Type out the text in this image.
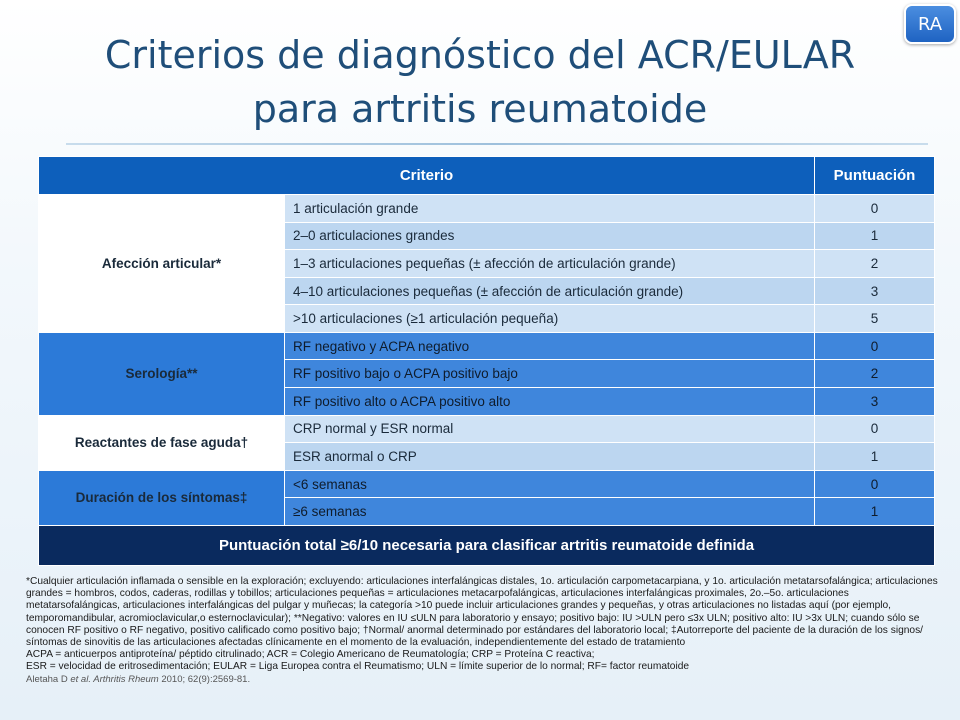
RA
Criterios de diagnóstico del ACR/EULAR
para artritis reumatoide
Criterio		Puntuación
Afección articular*	1 articulación grande	0
	2–0 articulaciones grandes	1
	1–3 articulaciones pequeñas (± afección de articulación grande)	2
	4–10 articulaciones pequeñas (± afección de articulación grande)	3
	>10 articulaciones (≥1 articulación pequeña)	5
Serología**	RF negativo y ACPA negativo	0
	RF positivo bajo o ACPA positivo bajo	2
	RF positivo alto o ACPA positivo alto	3
Reactantes de fase aguda†	CRP normal y ESR normal	0
	ESR anormal o CRP	1
Duración de los síntomas‡	<6 semanas	0
	≥6 semanas	1
Puntuación total ≥6/10 necesaria para clasificar artritis reumatoide definida		

*Cualquier articulación inflamada o sensible en la exploración; excluyendo: articulaciones interfalángicas distales, 1o. articulación carpometacarpiana, y 1o. articulación metatarsofalángica; articulaciones grandes = hombros, codos, caderas, rodillas y tobillos; articulaciones pequeñas = articulaciones metacarpofalángicas, articulaciones interfalángicas proximales, 2o.–5o. articulaciones metatarsofalángicas, articulaciones interfalángicas del pulgar y muñecas; la categoría >10 puede incluir articulaciones grandes y pequeñas, y otras articulaciones no listadas aquí (por ejemplo, temporomandibular, acromioclavicular,o esternoclavicular); **Negativo: valores en IU ≤ULN para laboratorio y ensayo; positivo bajo: IU >ULN pero ≤3x ULN; positivo alto: IU >3x ULN; cuando sólo se conocen RF positivo o RF negativo, positivo calificado como positivo bajo; †Normal/ anormal determinado por estándares del laboratorio local; ‡Autorreporte del paciente de la duración de los signos/ síntomas de sinovitis de las articulaciones afectadas clínicamente en el momento de la evaluación, independientemente del estado de tratamiento

ACPA = anticuerpos antiproteína/ péptido citrulinado; ACR = Colegio Americano de Reumatología; CRP = Proteína C reactiva;

ESR = velocidad de eritrosedimentación; EULAR = Liga Europea contra el Reumatismo; ULN = límite superior de lo normal; RF= factor reumatoide

Aletaha D et al. Arthritis Rheum 2010; 62(9):2569-81.
